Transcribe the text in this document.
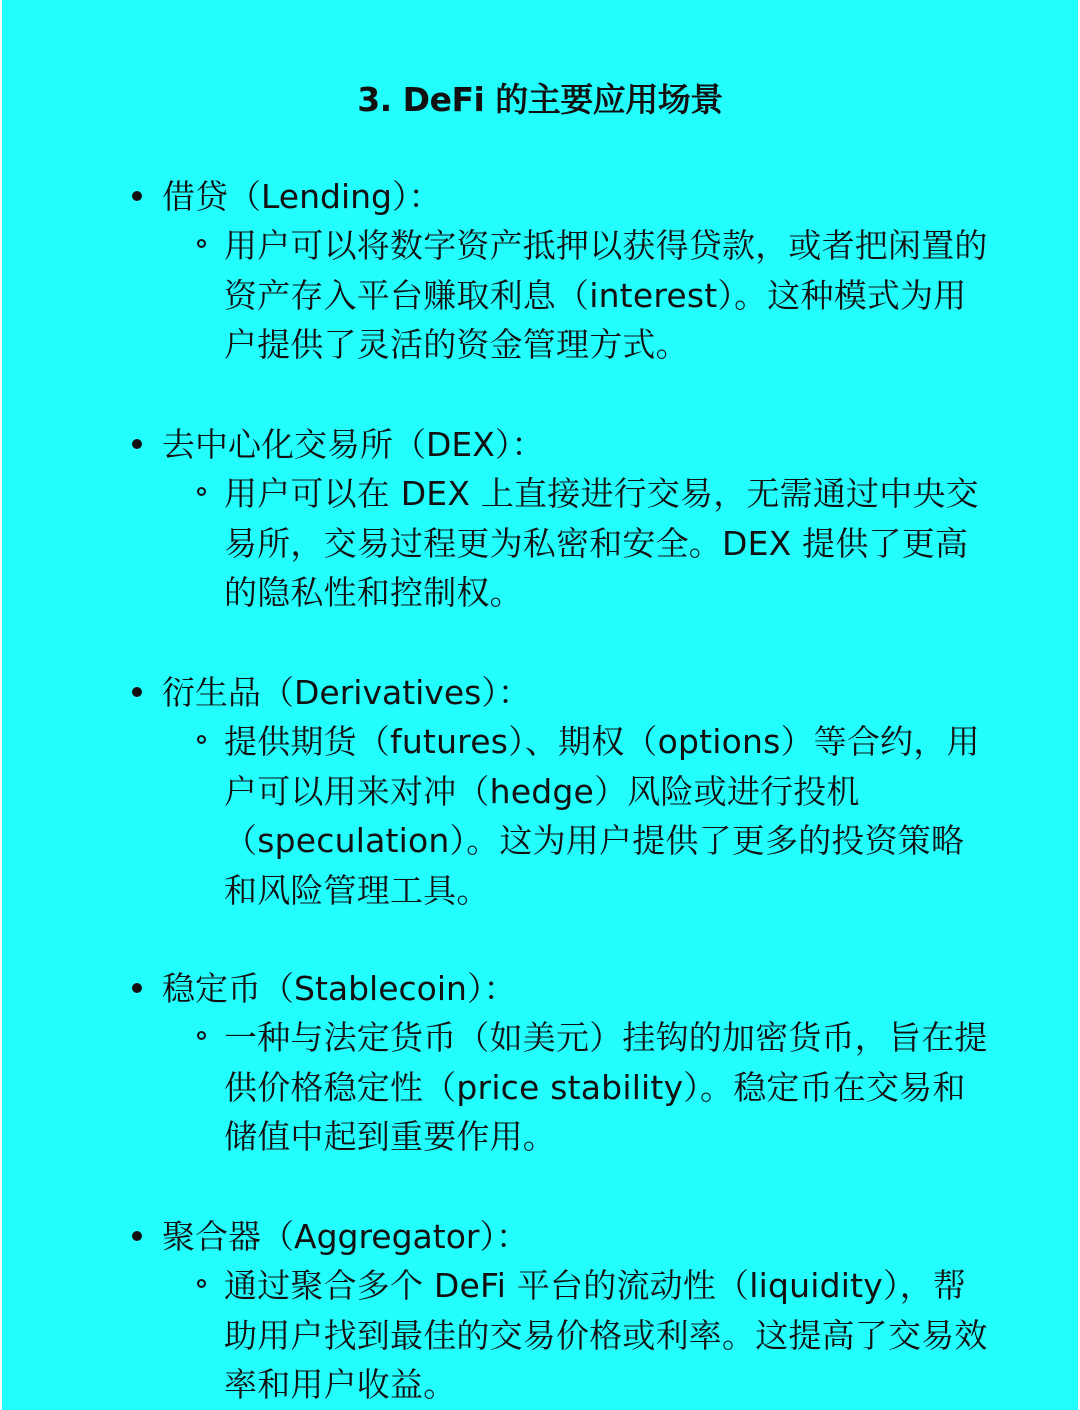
3. DeFi 的主要应用场景
借贷（Lending）：
用户可以将数字资产抵押以获得贷款，或者把闲置的资产存入平台赚取利息（interest）。这种模式为用户提供了灵活的资金管理方式。
去中心化交易所（DEX）：
用户可以在 DEX 上直接进行交易，无需通过中央交易所，交易过程更为私密和安全。DEX 提供了更高的隐私性和控制权。
衍生品（Derivatives）：
提供期货（futures）、期权（options）等合约，用户可以用来对冲（hedge）风险或进行投机（speculation）。这为用户提供了更多的投资策略和风险管理工具。
稳定币（Stablecoin）：
一种与法定货币（如美元）挂钩的加密货币，旨在提供价格稳定性（price stability）。稳定币在交易和储值中起到重要作用。
聚合器（Aggregator）：
通过聚合多个 DeFi 平台的流动性（liquidity），帮助用户找到最佳的交易价格或利率。这提高了交易效率和用户收益。
